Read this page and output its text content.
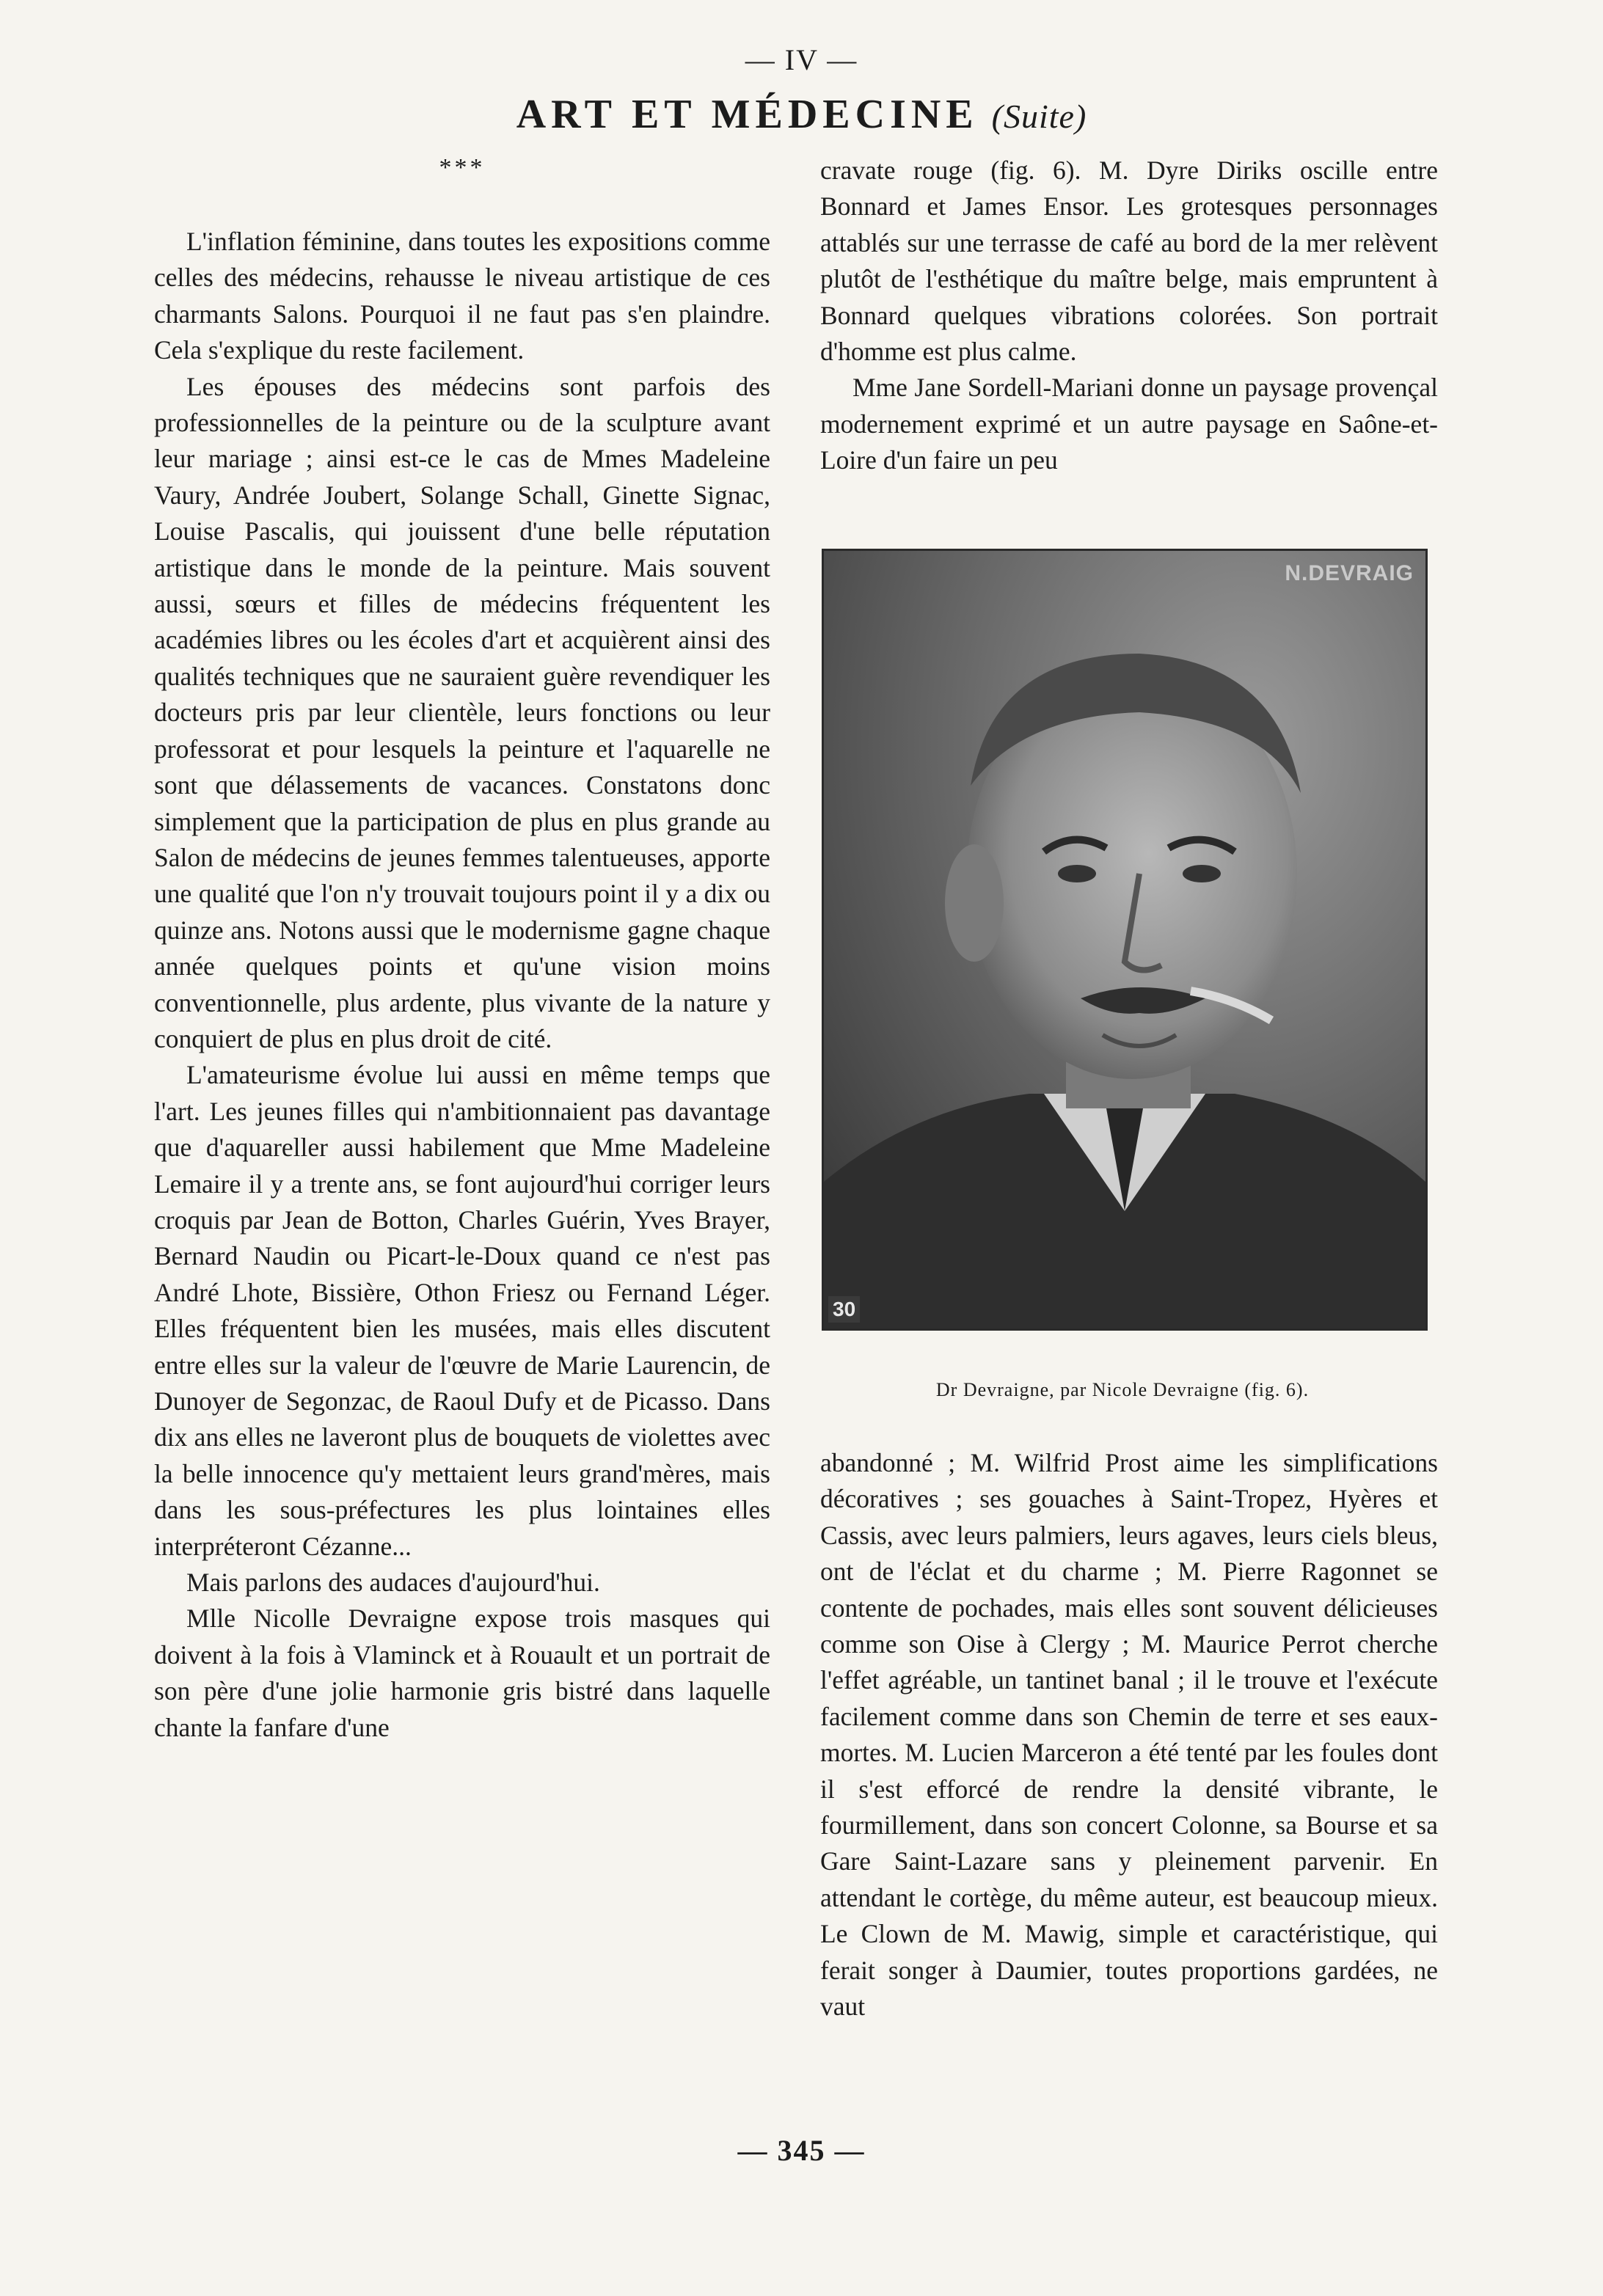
— IV —
ART ET MÉDECINE (Suite)
***

L'inflation féminine, dans toutes les expositions comme celles des médecins, rehausse le niveau artistique de ces charmants Salons. Pourquoi il ne faut pas s'en plaindre. Cela s'explique du reste facilement.

Les épouses des médecins sont parfois des professionnelles de la peinture ou de la sculpture avant leur mariage ; ainsi est-ce le cas de Mmes Madeleine Vaury, Andrée Joubert, Solange Schall, Ginette Signac, Louise Pascalis, qui jouissent d'une belle réputation artistique dans le monde de la peinture. Mais souvent aussi, sœurs et filles de médecins fréquentent les académies libres ou les écoles d'art et acquièrent ainsi des qualités techniques que ne sauraient guère revendiquer les docteurs pris par leur clientèle, leurs fonctions ou leur professorat et pour lesquels la peinture et l'aquarelle ne sont que délassements de vacances. Constatons donc simplement que la participation de plus en plus grande au Salon de médecins de jeunes femmes talentueuses, apporte une qualité que l'on n'y trouvait toujours point il y a dix ou quinze ans. Notons aussi que le modernisme gagne chaque année quelques points et qu'une vision moins conventionnelle, plus ardente, plus vivante de la nature y conquiert de plus en plus droit de cité.

L'amateurisme évolue lui aussi en même temps que l'art. Les jeunes filles qui n'ambitionnaient pas davantage que d'aquareller aussi habilement que Mme Madeleine Lemaire il y a trente ans, se font aujourd'hui corriger leurs croquis par Jean de Botton, Charles Guérin, Yves Brayer, Bernard Naudin ou Picart-le-Doux quand ce n'est pas André Lhote, Bissière, Othon Friesz ou Fernand Léger. Elles fréquentent bien les musées, mais elles discutent entre elles sur la valeur de l'œuvre de Marie Laurencin, de Dunoyer de Segonzac, de Raoul Dufy et de Picasso. Dans dix ans elles ne laveront plus de bouquets de violettes avec la belle innocence qu'y mettaient leurs grand'mères, mais dans les sous-préfectures les plus lointaines elles interpréteront Cézanne...

Mais parlons des audaces d'aujourd'hui.

Mlle Nicolle Devraigne expose trois masques qui doivent à la fois à Vlaminck et à Rouault et un portrait de son père d'une jolie harmonie gris bistré dans laquelle chante la fanfare d'une

cravate rouge (fig. 6). M. Dyre Diriks oscille entre Bonnard et James Ensor. Les grotesques personnages attablés sur une terrasse de café au bord de la mer relèvent plutôt de l'esthétique du maître belge, mais empruntent à Bonnard quelques vibrations colorées. Son portrait d'homme est plus calme.

Mme Jane Sordell-Mariani donne un paysage provençal modernement exprimé et un autre paysage en Saône-et-Loire d'un faire un peu

N.DEVRAIG
30
Dr Devraigne, par Nicole Devraigne (fig. 6).

abandonné ; M. Wilfrid Prost aime les simplifications décoratives ; ses gouaches à Saint-Tropez, Hyères et Cassis, avec leurs palmiers, leurs agaves, leurs ciels bleus, ont de l'éclat et du charme ; M. Pierre Ragonnet se contente de pochades, mais elles sont souvent délicieuses comme son Oise à Clergy ; M. Maurice Perrot cherche l'effet agréable, un tantinet banal ; il le trouve et l'exécute facilement comme dans son Chemin de terre et ses eaux-mortes. M. Lucien Marceron a été tenté par les foules dont il s'est efforcé de rendre la densité vibrante, le fourmillement, dans son concert Colonne, sa Bourse et sa Gare Saint-Lazare sans y pleinement parvenir. En attendant le cortège, du même auteur, est beaucoup mieux. Le Clown de M. Mawig, simple et caractéristique, qui ferait songer à Daumier, toutes proportions gardées, ne vaut

— 345 —
